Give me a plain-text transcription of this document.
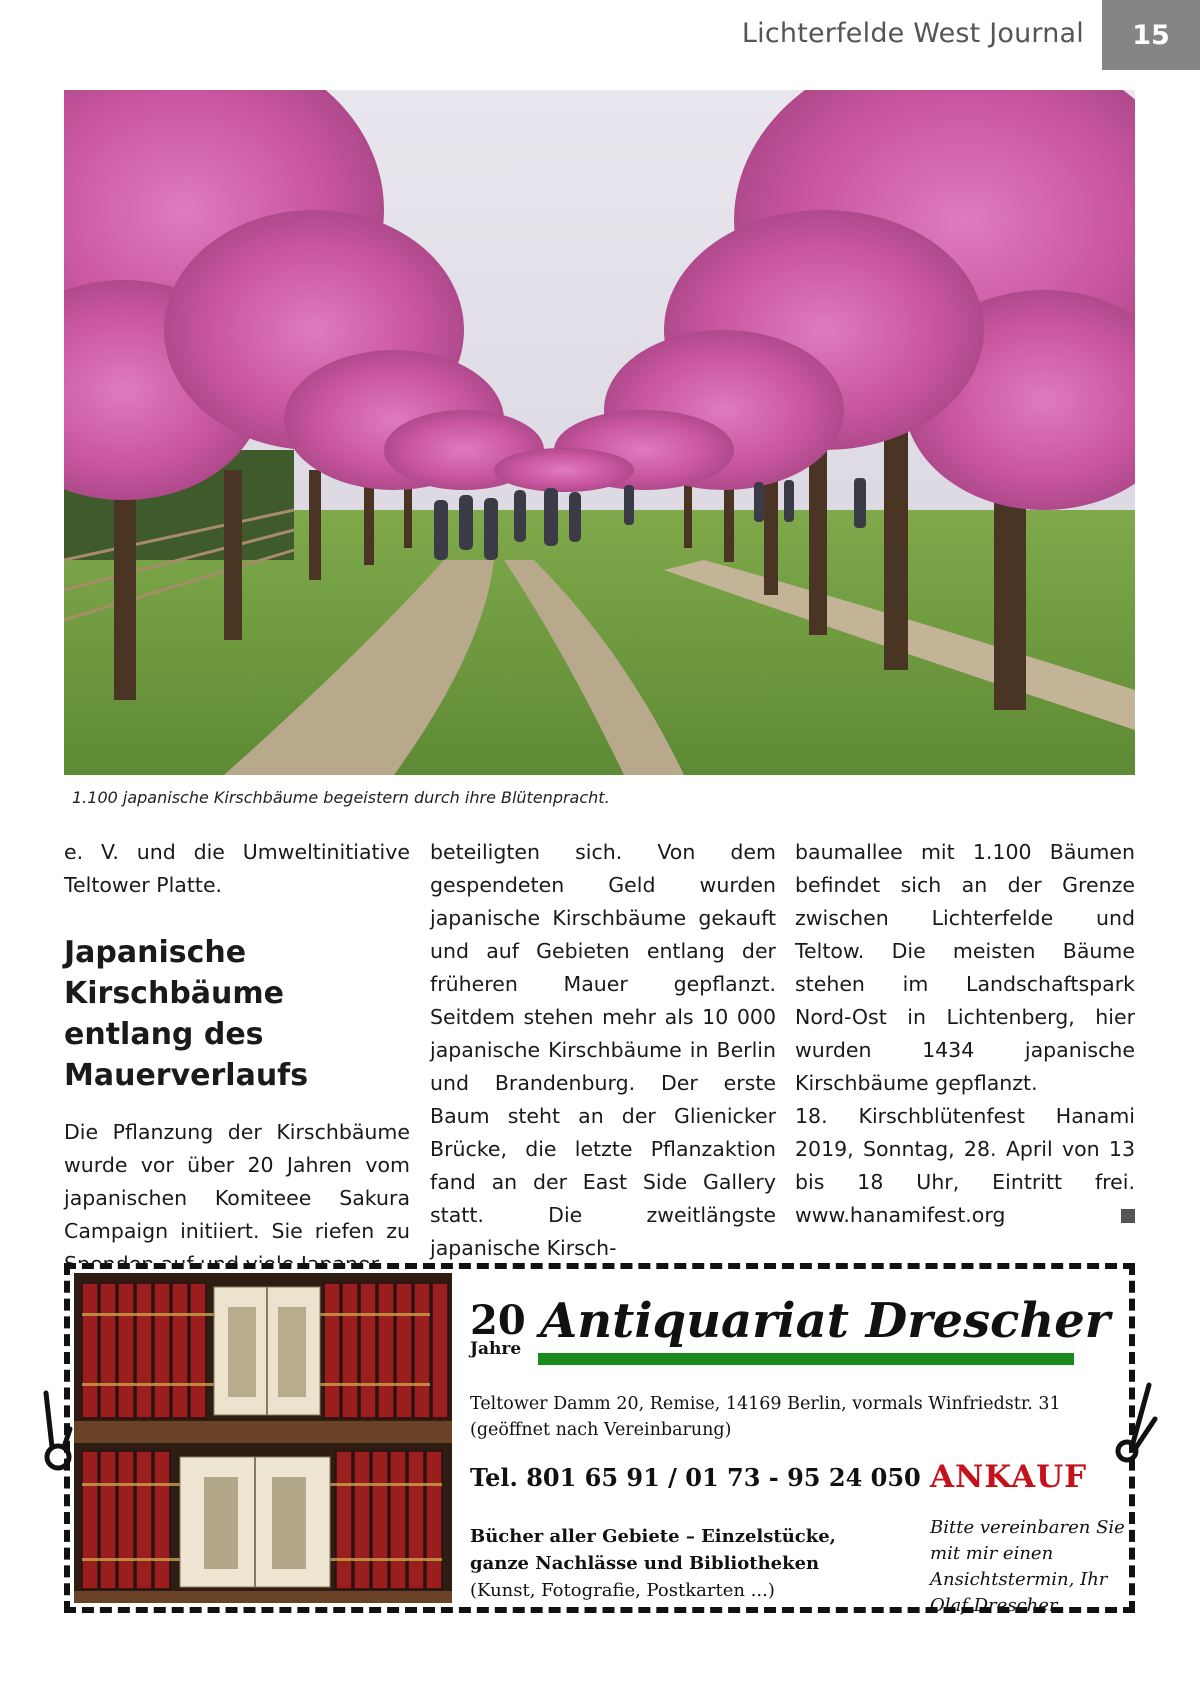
Lichterfelde West Journal	15
1.100 japanische Kirschbäume begeistern durch ihre Blütenpracht.

e. V. und die Umweltinitiative Teltower Platte.

Japanische Kirschbäume entlang des Mauerverlaufs

Die Pflanzung der Kirschbäume wurde vor über 20 Jahren vom japanischen Komiteee Sakura Campaign initiiert. Sie riefen zu

beteiligten sich. Von dem gespendeten Geld wurden japanische Kirschbäume gekauft und auf Gebieten entlang der früheren Mauer gepflanzt. Seitdem stehen mehr als 10 000 japanische Kirschbäume in Berlin und Brandenburg. Der erste Baum steht an der Glienicker Brücke, die letzte Pflanzaktion fand an der East Side Gallery statt. Die zweitlängste japanische Kirsch-

baumallee mit 1.100 Bäumen befindet sich an der Grenze zwischen Lichterfelde und Teltow. Die meisten Bäume stehen im Landschaftspark Nord-Ost in Lichtenberg, hier wurden 1434 japanische Kirschbäume gepflanzt.

18. Kirschblütenfest Hanami 2019, Sonntag, 28. April von 13 bis 18 Uhr, Eintritt frei. www.hanamifest.org

20
Jahre Antiquariat Drescher
Teltower Damm 20, Remise, 14169 Berlin, vormals Winfriedstr. 31
(geöffnet nach Vereinbarung)
Tel. 801 65 91 / 01 73 - 95 24 050 ANKAUF
Bücher aller Gebiete – Einzelstücke,
ganze Nachlässe und Bibliotheken
(Kunst, Fotografie, Postkarten ...)
Bitte vereinbaren Sie mit mir einen Ansichtstermin, Ihr Olaf Drescher
